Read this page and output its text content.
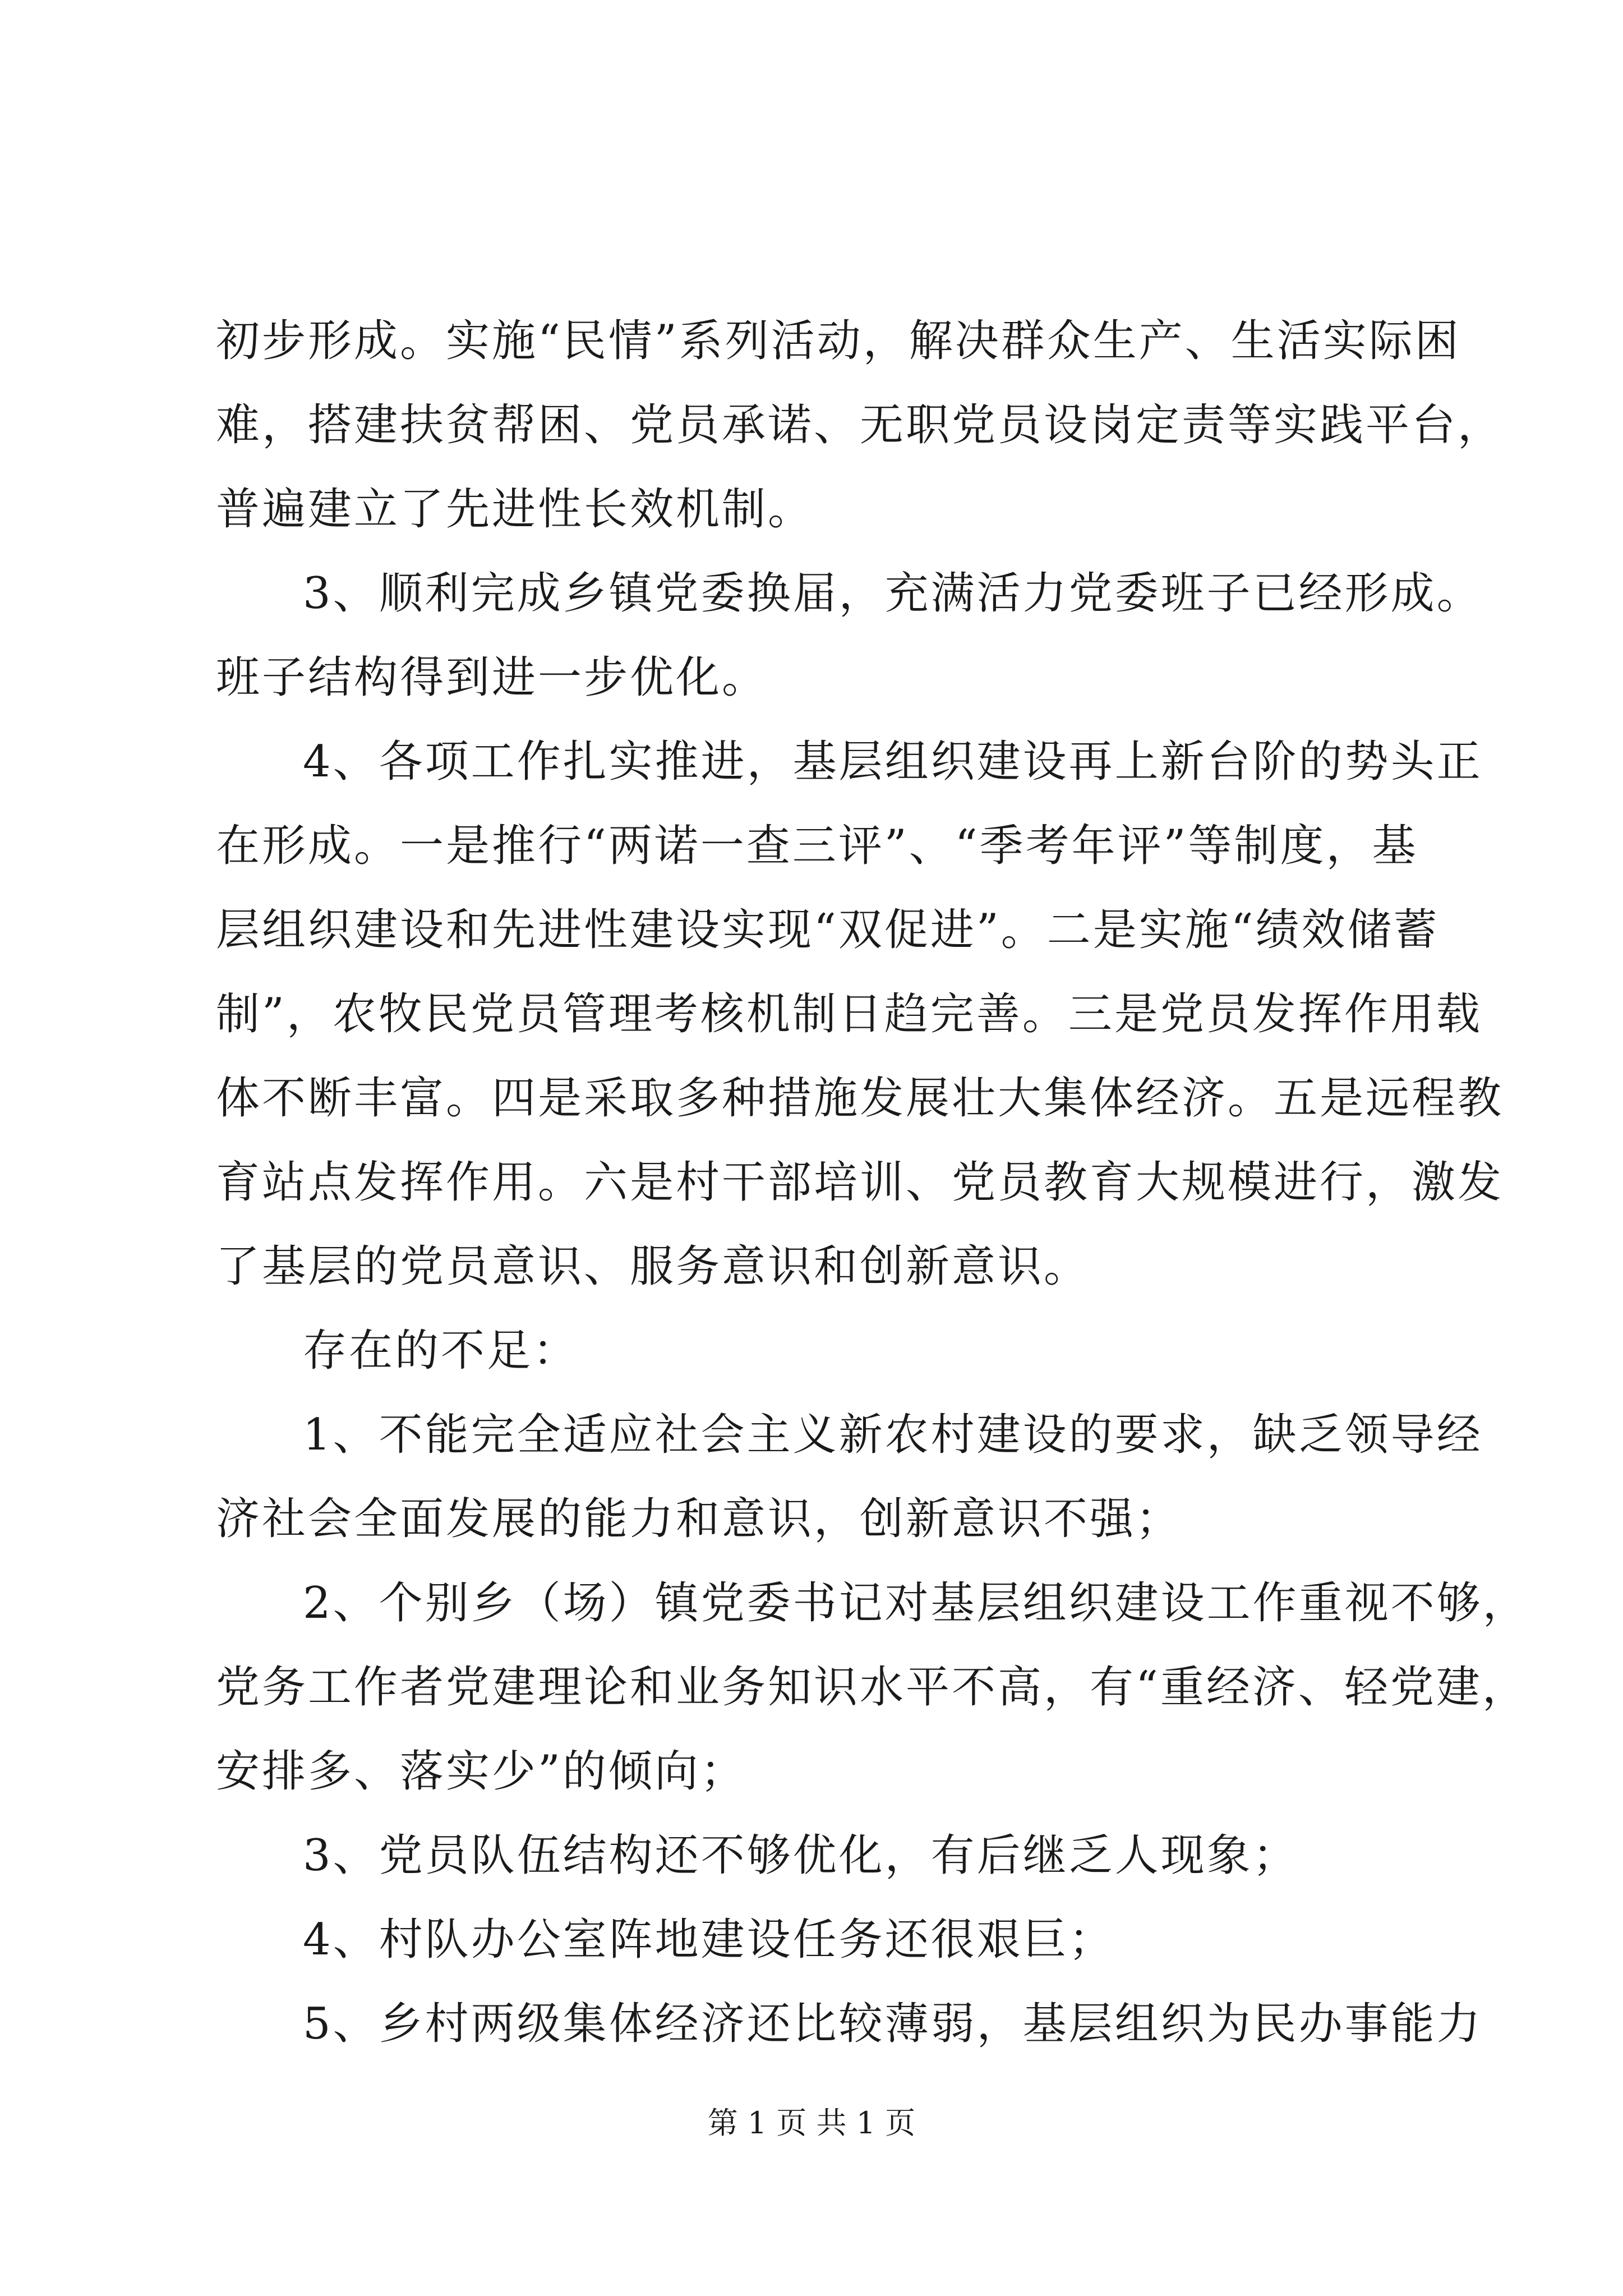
初步形成。实施“民情”系列活动，解决群众生产、生活实际困
难，搭建扶贫帮困、党员承诺、无职党员设岗定责等实践平台，
普遍建立了先进性长效机制。
3、顺利完成乡镇党委换届，充满活力党委班子已经形成。
班子结构得到进一步优化。
4、各项工作扎实推进，基层组织建设再上新台阶的势头正
在形成。一是推行“两诺一查三评”、“季考年评”等制度，基
层组织建设和先进性建设实现“双促进”。二是实施“绩效储蓄
制”，农牧民党员管理考核机制日趋完善。三是党员发挥作用载
体不断丰富。四是采取多种措施发展壮大集体经济。五是远程教
育站点发挥作用。六是村干部培训、党员教育大规模进行，激发
了基层的党员意识、服务意识和创新意识。
存在的不足：
1、不能完全适应社会主义新农村建设的要求，缺乏领导经
济社会全面发展的能力和意识，创新意识不强；
2、个别乡（场）镇党委书记对基层组织建设工作重视不够，
党务工作者党建理论和业务知识水平不高，有“重经济、轻党建，
安排多、落实少”的倾向；
3、党员队伍结构还不够优化，有后继乏人现象；
4、村队办公室阵地建设任务还很艰巨；
5、乡村两级集体经济还比较薄弱，基层组织为民办事能力
第 1 页 共 1 页
